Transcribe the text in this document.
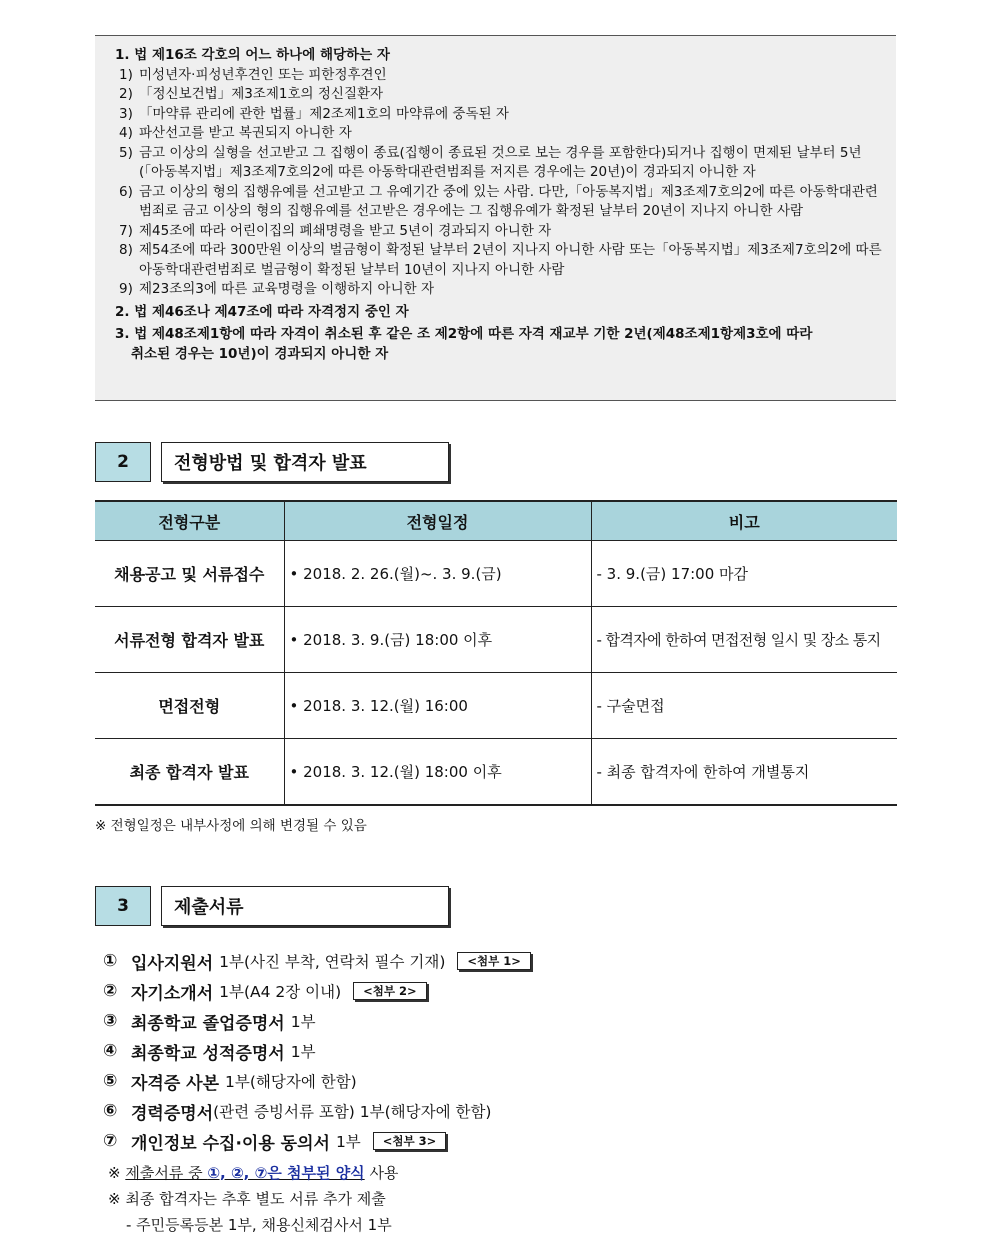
1. 법 제16조 각호의 어느 하나에 해당하는 자
1) 미성년자·피성년후견인 또는 피한정후견인
2) 「정신보건법」제3조제1호의 정신질환자
3) 「마약류 관리에 관한 법률」제2조제1호의 마약류에 중독된 자
4) 파산선고를 받고 복권되지 아니한 자
5) 금고 이상의 실형을 선고받고 그 집행이 종료(집행이 종료된 것으로 보는 경우를 포함한다)되거나 집행이 면제된 날부터 5년(「아동복지법」제3조제7호의2에 따른 아동학대관련범죄를 저지른 경우에는 20년)이 경과되지 아니한 자
6) 금고 이상의 형의 집행유예를 선고받고 그 유예기간 중에 있는 사람. 다만,「아동복지법」제3조제7호의2에 따른 아동학대관련범죄로 금고 이상의 형의 집행유예를 선고받은 경우에는 그 집행유예가 확정된 날부터 20년이 지나지 아니한 사람
7) 제45조에 따라 어린이집의 폐쇄명령을 받고 5년이 경과되지 아니한 자
8) 제54조에 따라 300만원 이상의 벌금형이 확정된 날부터 2년이 지나지 아니한 사람 또는「아동복지법」제3조제7호의2에 따른 아동학대관련범죄로 벌금형이 확정된 날부터 10년이 지나지 아니한 사람
9) 제23조의3에 따른 교육명령을 이행하지 아니한 자
2. 법 제46조나 제47조에 따라 자격정지 중인 자
3. 법 제48조제1항에 따라 자격이 취소된 후 같은 조 제2항에 따른 자격 재교부 기한 2년(제48조제1항제3호에 따라
취소된 경우는 10년)이 경과되지 아니한 자
2	전형방법 및 합격자 발표
전형구분	전형일정	비고
채용공고 및 서류접수	• 2018. 2. 26.(월)~. 3. 9.(금)	- 3. 9.(금) 17:00 마감
서류전형 합격자 발표	• 2018. 3. 9.(금) 18:00 이후	- 합격자에 한하여 면접전형 일시 및 장소 통지
면접전형	• 2018. 3. 12.(월) 16:00	- 구술면접
최종 합격자 발표	• 2018. 3. 12.(월) 18:00 이후	- 최종 합격자에 한하여 개별통지
※ 전형일정은 내부사정에 의해 변경될 수 있음
3	제출서류
① 입사지원서 1부(사진 부착, 연락처 필수 기재)	<첨부 1>
② 자기소개서 1부(A4 2장 이내)	<첨부 2>
③ 최종학교 졸업증명서 1부
④ 최종학교 성적증명서 1부
⑤ 자격증 사본 1부(해당자에 한함)
⑥ 경력증명서 (관련 증빙서류 포함) 1부(해당자에 한함)
⑦ 개인정보 수집·이용 동의서 1부	<첨부 3>
※ 제출서류 중 ①, ②, ⑦은 첨부된 양식 사용
※ 최종 합격자는 추후 별도 서류 추가 제출
- 주민등록등본 1부, 채용신체검사서 1부
